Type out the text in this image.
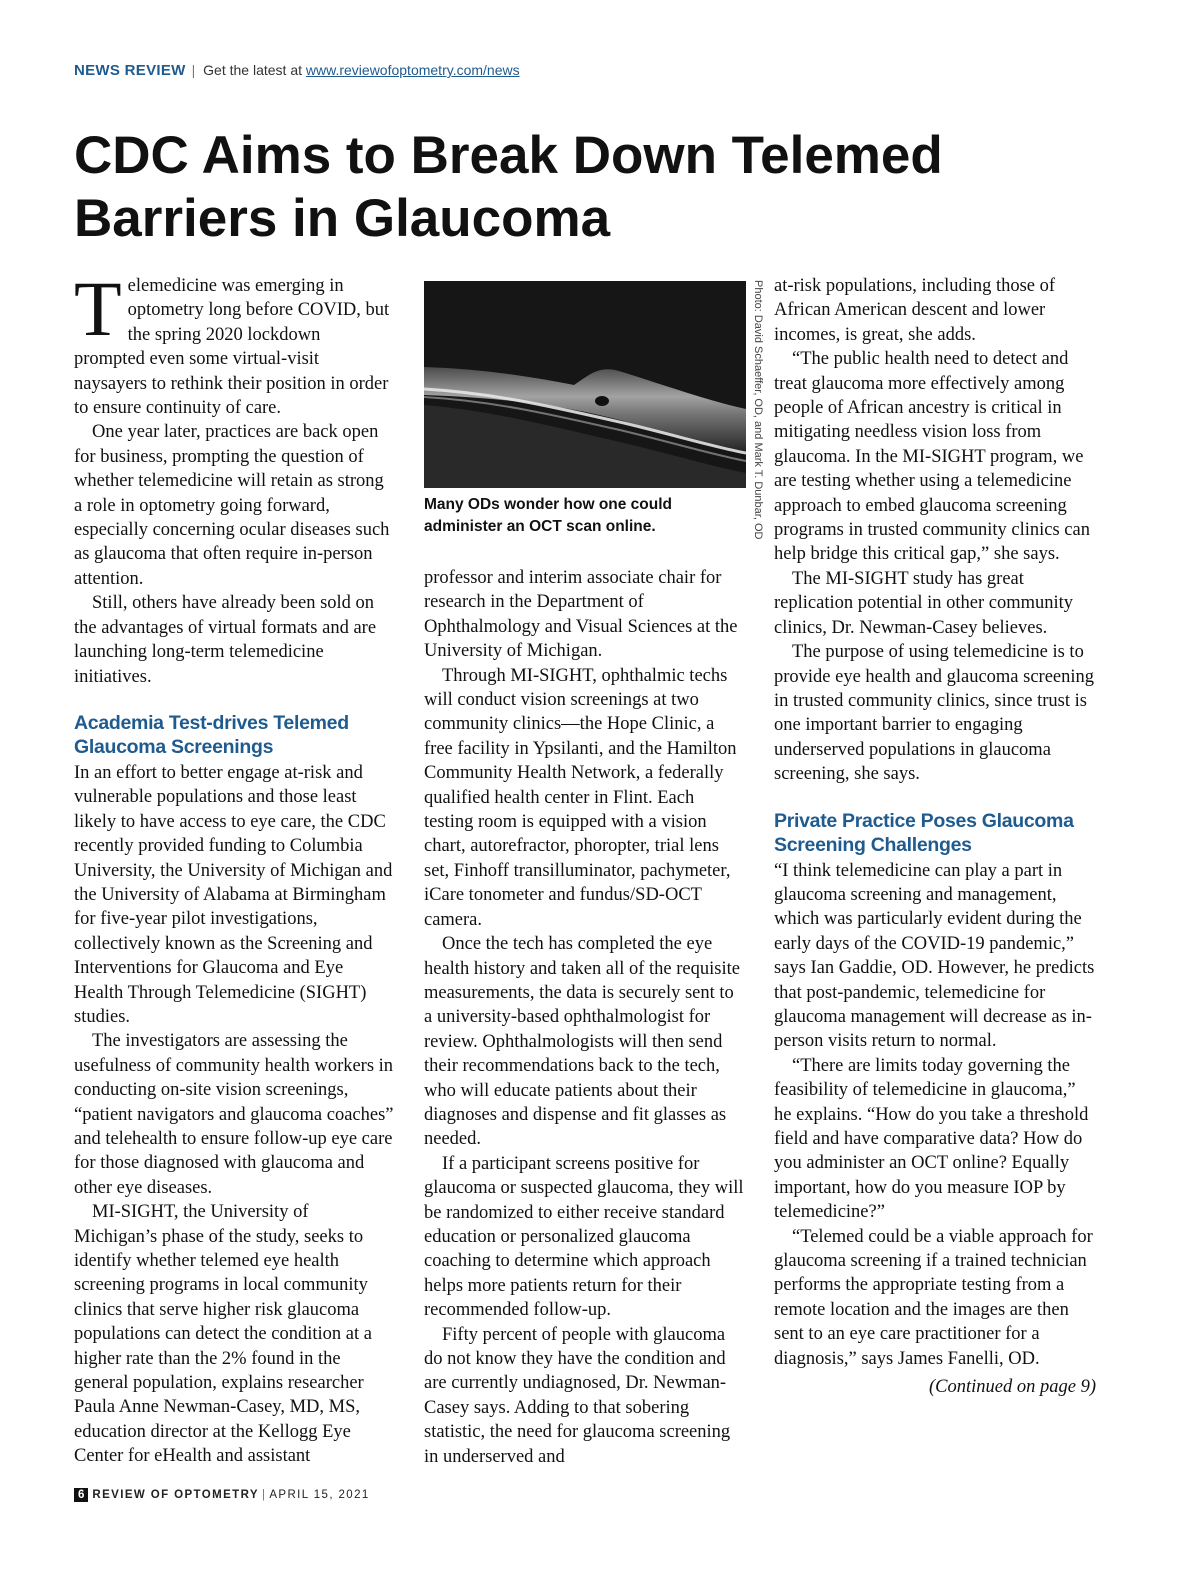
NEWS REVIEW | Get the latest at www.reviewofoptometry.com/news
CDC Aims to Break Down Telemed Barriers in Glaucoma

Telemedicine was emerging in optometry long before COVID, but the spring 2020 lockdown prompted even some virtual-visit naysayers to rethink their position in order to ensure continuity of care.

One year later, practices are back open for business, prompting the question of whether telemedicine will retain as strong a role in optometry going forward, especially concerning ocular diseases such as glaucoma that often require in-person attention.

Still, others have already been sold on the advantages of virtual formats and are launching long-term telemedicine initiatives.

Academia Test-drives Telemed Glaucoma Screenings

In an effort to better engage at-risk and vulnerable populations and those least likely to have access to eye care, the CDC recently provided funding to Columbia University, the University of Michigan and the University of Alabama at Birmingham for five-year pilot investigations, collectively known as the Screening and Interventions for Glaucoma and Eye Health Through Telemedicine (SIGHT) studies.

The investigators are assessing the usefulness of community health workers in conducting on-site vision screenings, “patient navigators and glaucoma coaches” and telehealth to ensure follow-up eye care for those diagnosed with glaucoma and other eye diseases.

MI-SIGHT, the University of Michigan’s phase of the study, seeks to identify whether telemed eye health screening programs in local community clinics that serve higher risk glaucoma populations can detect the condition at a higher rate than the 2% found in the general population, explains researcher Paula Anne Newman-Casey, MD, MS, education director at the Kellogg Eye Center for eHealth and assistant

Photo: David Schaeffer, OD, and Mark T. Dunbar, OD
Many ODs wonder how one could administer an OCT scan online.

professor and interim associate chair for research in the Department of Ophthalmology and Visual Sciences at the University of Michigan.

Through MI-SIGHT, ophthalmic techs will conduct vision screenings at two community clinics—the Hope Clinic, a free facility in Ypsilanti, and the Hamilton Community Health Network, a federally qualified health center in Flint. Each testing room is equipped with a vision chart, autorefractor, phoropter, trial lens set, Finhoff transilluminator, pachymeter, iCare tonometer and fundus/SD-OCT camera.

Once the tech has completed the eye health history and taken all of the requisite measurements, the data is securely sent to a university-based ophthalmologist for review. Ophthalmologists will then send their recommendations back to the tech, who will educate patients about their diagnoses and dispense and fit glasses as needed.

If a participant screens positive for glaucoma or suspected glaucoma, they will be randomized to either receive standard education or personalized glaucoma coaching to determine which approach helps more patients return for their recommended follow-up.

Fifty percent of people with glaucoma do not know they have the condition and are currently undiagnosed, Dr. Newman-Casey says. Adding to that sobering statistic, the need for glaucoma screening in underserved and

at-risk populations, including those of African American descent and lower incomes, is great, she adds.

“The public health need to detect and treat glaucoma more effectively among people of African ancestry is critical in mitigating needless vision loss from glaucoma. In the MI-SIGHT program, we are testing whether using a telemedicine approach to embed glaucoma screening programs in trusted community clinics can help bridge this critical gap,” she says.

The MI-SIGHT study has great replication potential in other community clinics, Dr. Newman-Casey believes.

The purpose of using telemedicine is to provide eye health and glaucoma screening in trusted community clinics, since trust is one important barrier to engaging underserved populations in glaucoma screening, she says.

Private Practice Poses Glaucoma Screening Challenges

“I think telemedicine can play a part in glaucoma screening and management, which was particularly evident during the early days of the COVID-19 pandemic,” says Ian Gaddie, OD. However, he predicts that post-pandemic, telemedicine for glaucoma management will decrease as in-person visits return to normal.

“There are limits today governing the feasibility of telemedicine in glaucoma,” he explains. “How do you take a threshold field and have comparative data? How do you administer an OCT online? Equally important, how do you measure IOP by telemedicine?”

“Telemed could be a viable approach for glaucoma screening if a trained technician performs the appropriate testing from a remote location and the images are then sent to an eye care practitioner for a diagnosis,” says James Fanelli, OD.

(Continued on page 9)
6 REVIEW OF OPTOMETRY | APRIL 15, 2021
